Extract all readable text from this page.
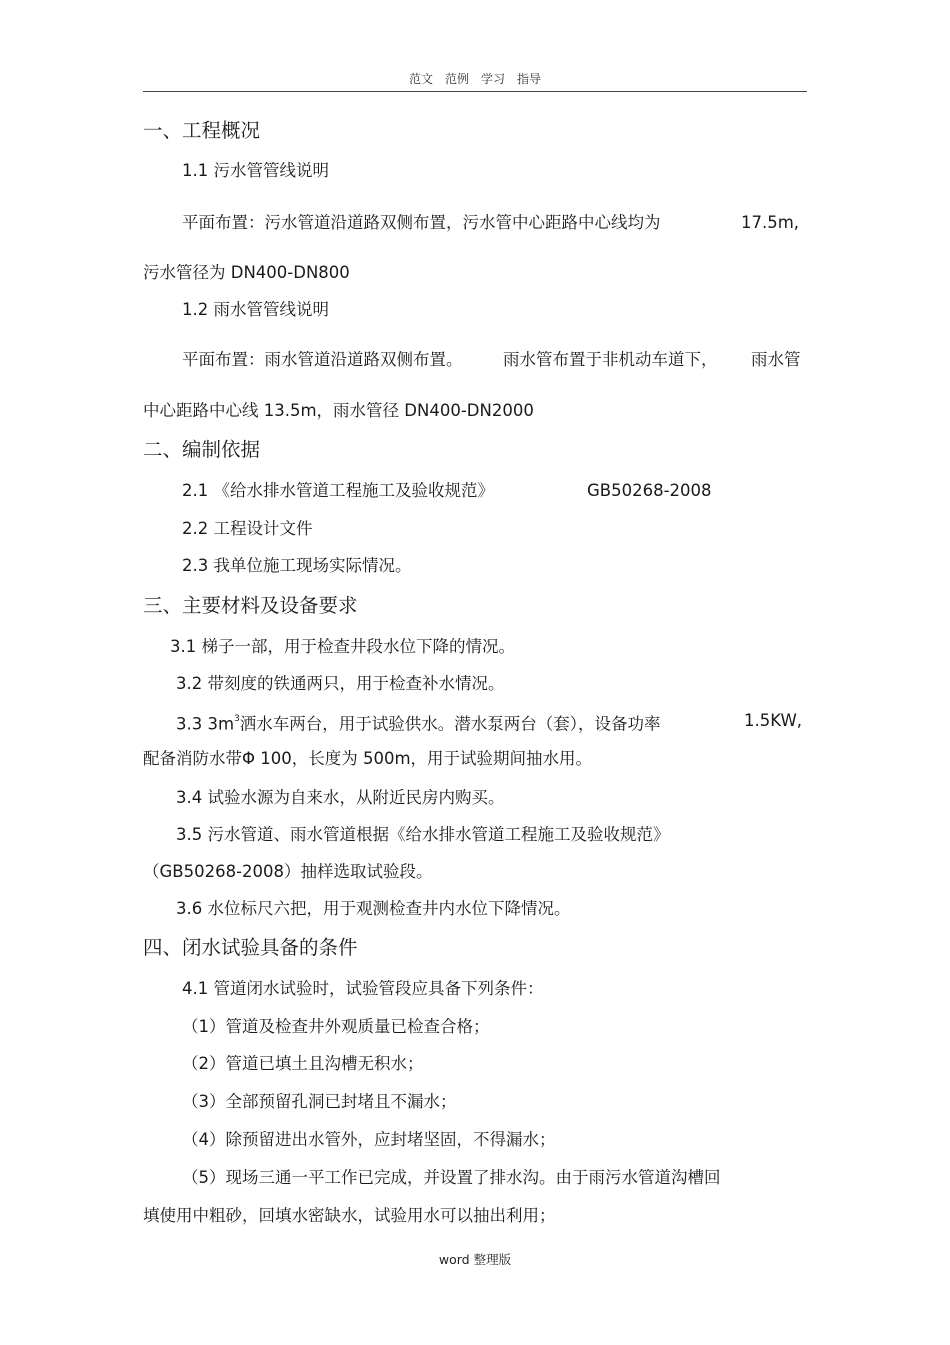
范文 范例 学习 指导
一、工程概况
1.1 污水管管线说明
平面布置：污水管道沿道路双侧布置，污水管中心距路中心线均为	17.5m,
污水管径为 DN400-DN800
1.2 雨水管管线说明
平面布置：雨水管道沿道路双侧布置。 雨水管布置于非机动车道下， 雨水管
中心距路中心线 13.5m，雨水管径 DN400-DN2000
二、编制依据
2.1 《给水排水管道工程施工及验收规范》	GB50268-2008
2.2 工程设计文件
2.3 我单位施工现场实际情况。
三、主要材料及设备要求
3.1 梯子一部，用于检查井段水位下降的情况。
3.2 带刻度的铁通两只，用于检查补水情况。
3.3 $3m^3$洒水车两台，用于试验供水。潜水泵两台（套），设备功率	1.5KW,
配备消防水带Φ 100，长度为 500m，用于试验期间抽水用。
3.4 试验水源为自来水，从附近民房内购买。
3.5 污水管道、雨水管道根据《给水排水管道工程施工及验收规范》
（GB50268-2008）抽样选取试验段。
3.6 水位标尺六把，用于观测检查井内水位下降情况。
四、闭水试验具备的条件
4.1 管道闭水试验时，试验管段应具备下列条件：
（1）管道及检查井外观质量已检查合格；
（2）管道已填土且沟槽无积水；
（3）全部预留孔洞已封堵且不漏水；
（4）除预留进出水管外，应封堵坚固，不得漏水；
（5）现场三通一平工作已完成，并设置了排水沟。由于雨污水管道沟槽回
填使用中粗砂，回填水密缺水，试验用水可以抽出利用；
word 整理版
